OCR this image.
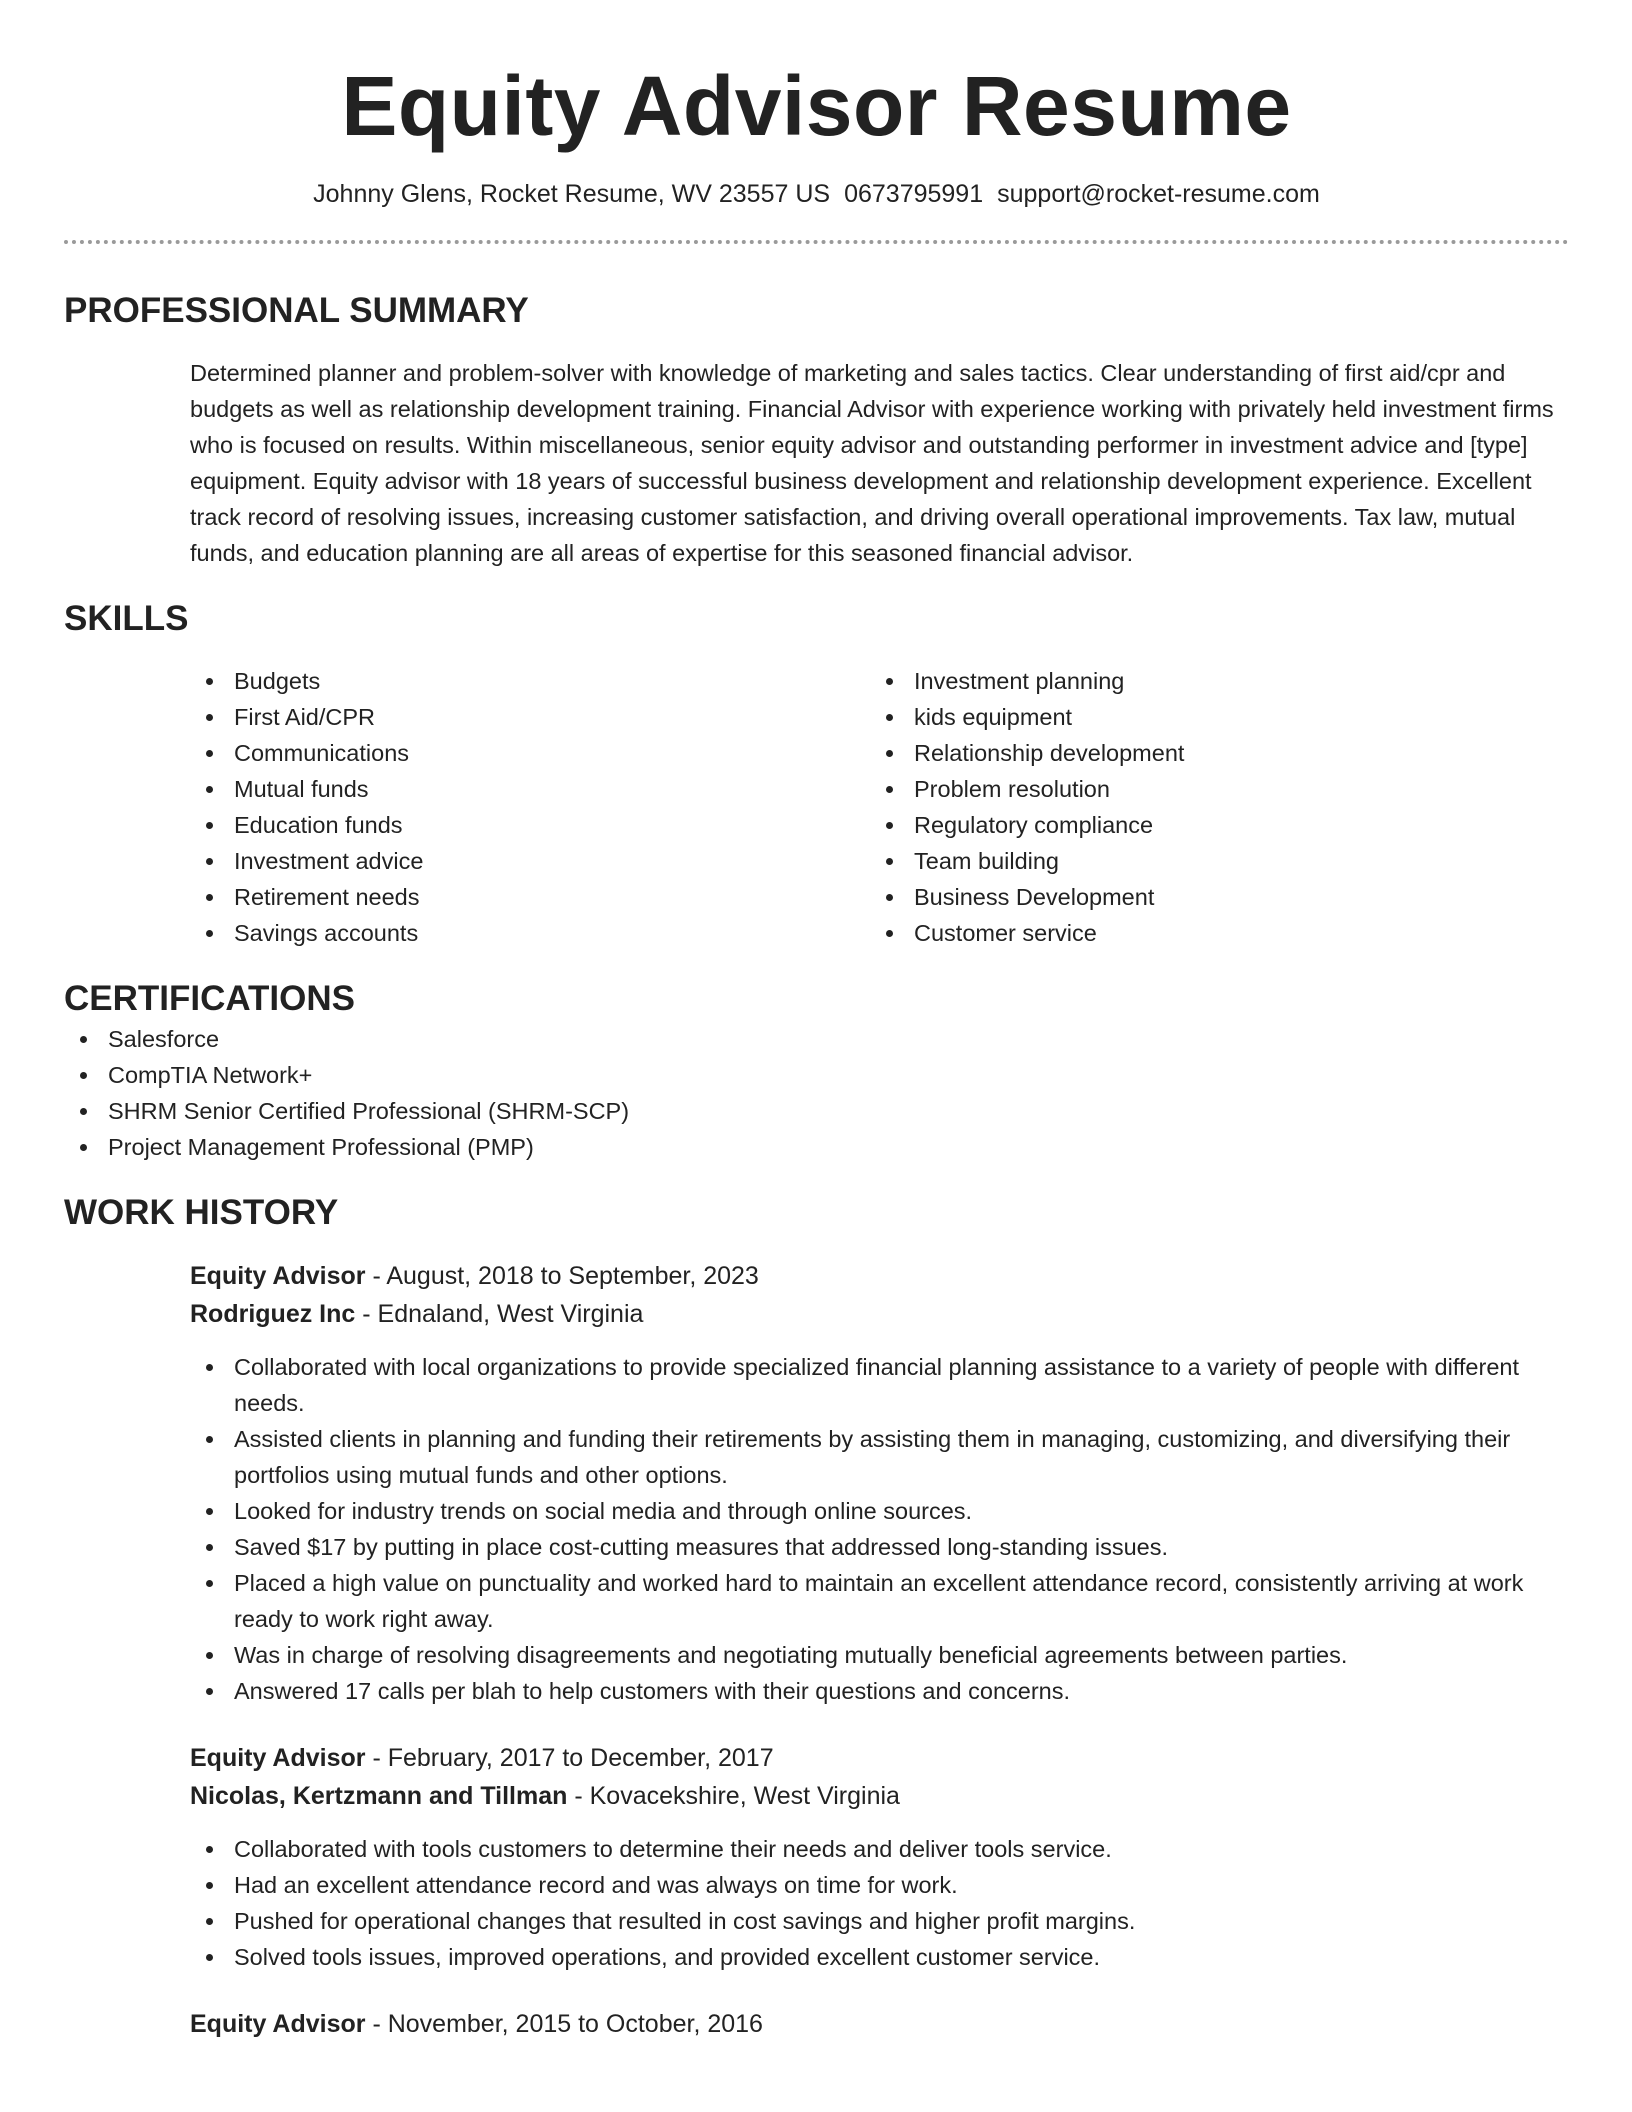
Equity Advisor Resume
Johnny Glens, Rocket Resume, WV 23557 US 0673795991 support@rocket-resume.com
PROFESSIONAL SUMMARY

Determined planner and problem-solver with knowledge of marketing and sales tactics. Clear understanding of first aid/cpr and budgets as well as relationship development training. Financial Advisor with experience working with privately held investment firms who is focused on results. Within miscellaneous, senior equity advisor and outstanding performer in investment advice and [type] equipment. Equity advisor with 18 years of successful business development and relationship development experience. Excellent track record of resolving issues, increasing customer satisfaction, and driving overall operational improvements. Tax law, mutual funds, and education planning are all areas of expertise for this seasoned financial advisor.

SKILLS
Budgets
First Aid/CPR
Communications
Mutual funds
Education funds
Investment advice
Retirement needs
Savings accounts
Investment planning
kids equipment
Relationship development
Problem resolution
Regulatory compliance
Team building
Business Development
Customer service
CERTIFICATIONS
Salesforce
CompTIA Network+
SHRM Senior Certified Professional (SHRM-SCP)
Project Management Professional (PMP)
WORK HISTORY
Equity Advisor - August, 2018 to September, 2023
Rodriguez Inc - Ednaland, West Virginia
Collaborated with local organizations to provide specialized financial planning assistance to a variety of people with different needs.
Assisted clients in planning and funding their retirements by assisting them in managing, customizing, and diversifying their portfolios using mutual funds and other options.
Looked for industry trends on social media and through online sources.
Saved $17 by putting in place cost-cutting measures that addressed long-standing issues.
Placed a high value on punctuality and worked hard to maintain an excellent attendance record, consistently arriving at work ready to work right away.
Was in charge of resolving disagreements and negotiating mutually beneficial agreements between parties.
Answered 17 calls per blah to help customers with their questions and concerns.
Equity Advisor - February, 2017 to December, 2017
Nicolas, Kertzmann and Tillman - Kovacekshire, West Virginia
Collaborated with tools customers to determine their needs and deliver tools service.
Had an excellent attendance record and was always on time for work.
Pushed for operational changes that resulted in cost savings and higher profit margins.
Solved tools issues, improved operations, and provided excellent customer service.
Equity Advisor - November, 2015 to October, 2016
